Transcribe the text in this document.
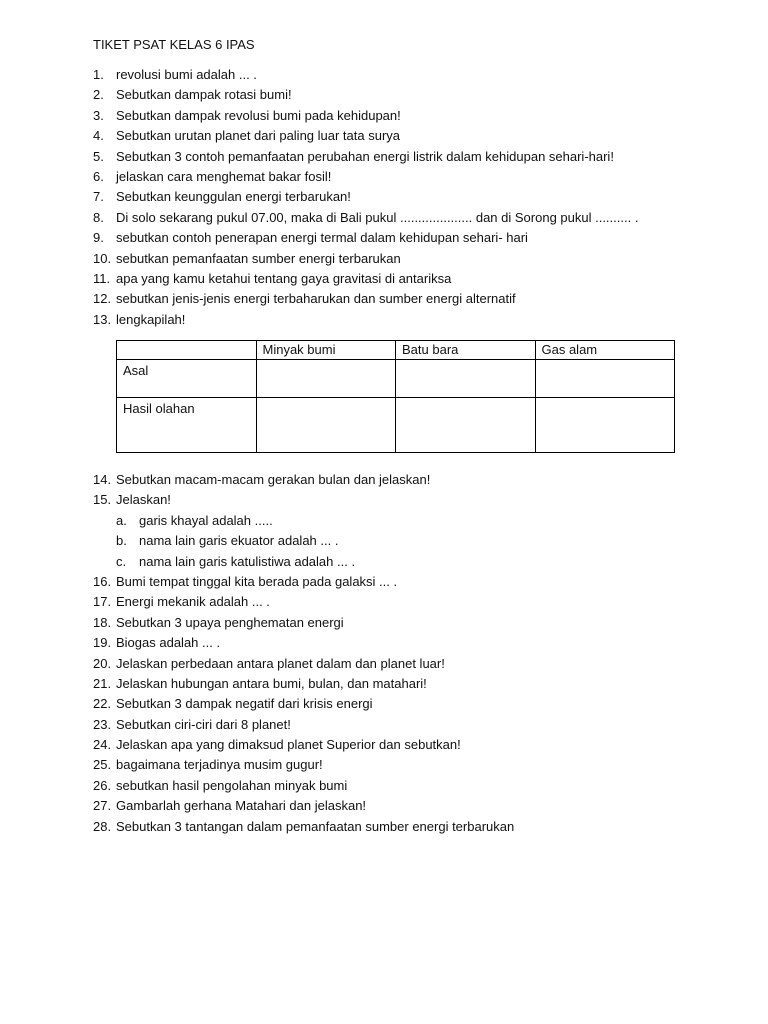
TIKET PSAT KELAS 6 IPAS
1. revolusi bumi adalah ... .
2. Sebutkan dampak rotasi bumi!
3. Sebutkan dampak revolusi bumi pada kehidupan!
4. Sebutkan urutan planet dari paling luar tata surya
5. Sebutkan 3 contoh pemanfaatan perubahan energi listrik dalam kehidupan sehari-hari!
6. jelaskan cara menghemat bakar fosil!
7. Sebutkan keunggulan energi terbarukan!
8. Di solo sekarang pukul 07.00, maka di Bali pukul .................... dan di Sorong pukul .......... .
9. sebutkan contoh penerapan energi termal dalam kehidupan sehari- hari
10. sebutkan pemanfaatan sumber energi terbarukan
11. apa yang kamu ketahui tentang gaya gravitasi di antariksa
12. sebutkan jenis-jenis energi terbaharukan dan sumber energi alternatif
13. lengkapilah!
	Minyak bumi	Batu bara	Gas alam
Asal			
Hasil olahan			
14. Sebutkan macam-macam gerakan bulan dan jelaskan!
15. Jelaskan!
a. garis khayal adalah .....
b. nama lain garis ekuator adalah ... .
c. nama lain garis katulistiwa adalah ... .
16. Bumi tempat tinggal kita berada pada galaksi ... .
17. Energi mekanik adalah ... .
18. Sebutkan 3 upaya penghematan energi
19. Biogas adalah ... .
20. Jelaskan perbedaan antara planet dalam dan planet luar!
21. Jelaskan hubungan antara bumi, bulan, dan matahari!
22. Sebutkan 3 dampak negatif dari krisis energi
23. Sebutkan ciri-ciri dari 8 planet!
24. Jelaskan apa yang dimaksud planet Superior dan sebutkan!
25. bagaimana terjadinya musim gugur!
26. sebutkan hasil pengolahan minyak bumi
27. Gambarlah gerhana Matahari dan jelaskan!
28. Sebutkan 3 tantangan dalam pemanfaatan sumber energi terbarukan
